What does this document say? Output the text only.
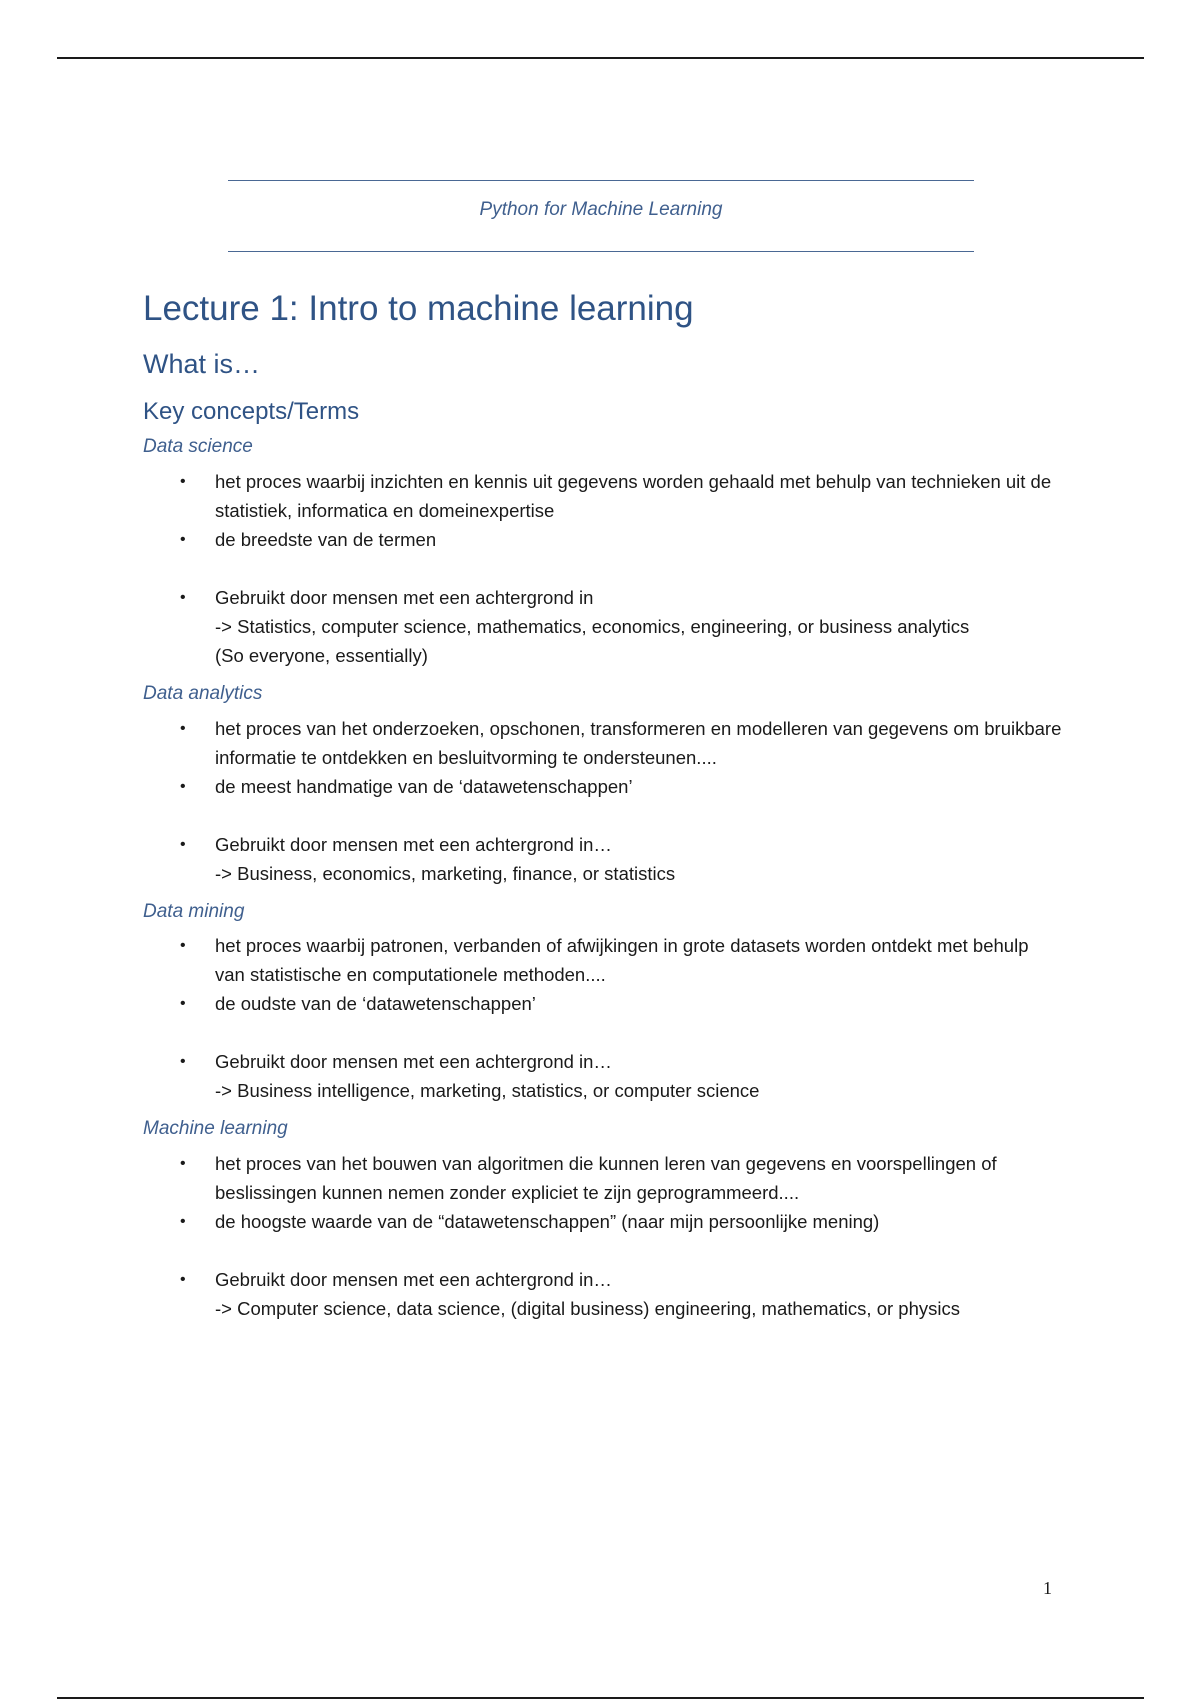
Python for Machine Learning
Lecture 1: Intro to machine learning
What is…
Key concepts/Terms
Data science
• het proces waarbij inzichten en kennis uit gegevens worden gehaald met behulp van technieken uit de statistiek, informatica en domeinexpertise
• de breedste van de termen
• Gebruikt door mensen met een achtergrond in
-> Statistics, computer science, mathematics, economics, engineering, or business analytics
(So everyone, essentially)
Data analytics
• het proces van het onderzoeken, opschonen, transformeren en modelleren van gegevens om bruikbare informatie te ontdekken en besluitvorming te ondersteunen....
• de meest handmatige van de ‘datawetenschappen’
• Gebruikt door mensen met een achtergrond in…
-> Business, economics, marketing, finance, or statistics
Data mining
• het proces waarbij patronen, verbanden of afwijkingen in grote datasets worden ontdekt met behulp van statistische en computationele methoden....
• de oudste van de ‘datawetenschappen’
• Gebruikt door mensen met een achtergrond in…
-> Business intelligence, marketing, statistics, or computer science
Machine learning
• het proces van het bouwen van algoritmen die kunnen leren van gegevens en voorspellingen of beslissingen kunnen nemen zonder expliciet te zijn geprogrammeerd....
• de hoogste waarde van de “datawetenschappen” (naar mijn persoonlijke mening)
• Gebruikt door mensen met een achtergrond in…
-> Computer science, data science, (digital business) engineering, mathematics, or physics
1
